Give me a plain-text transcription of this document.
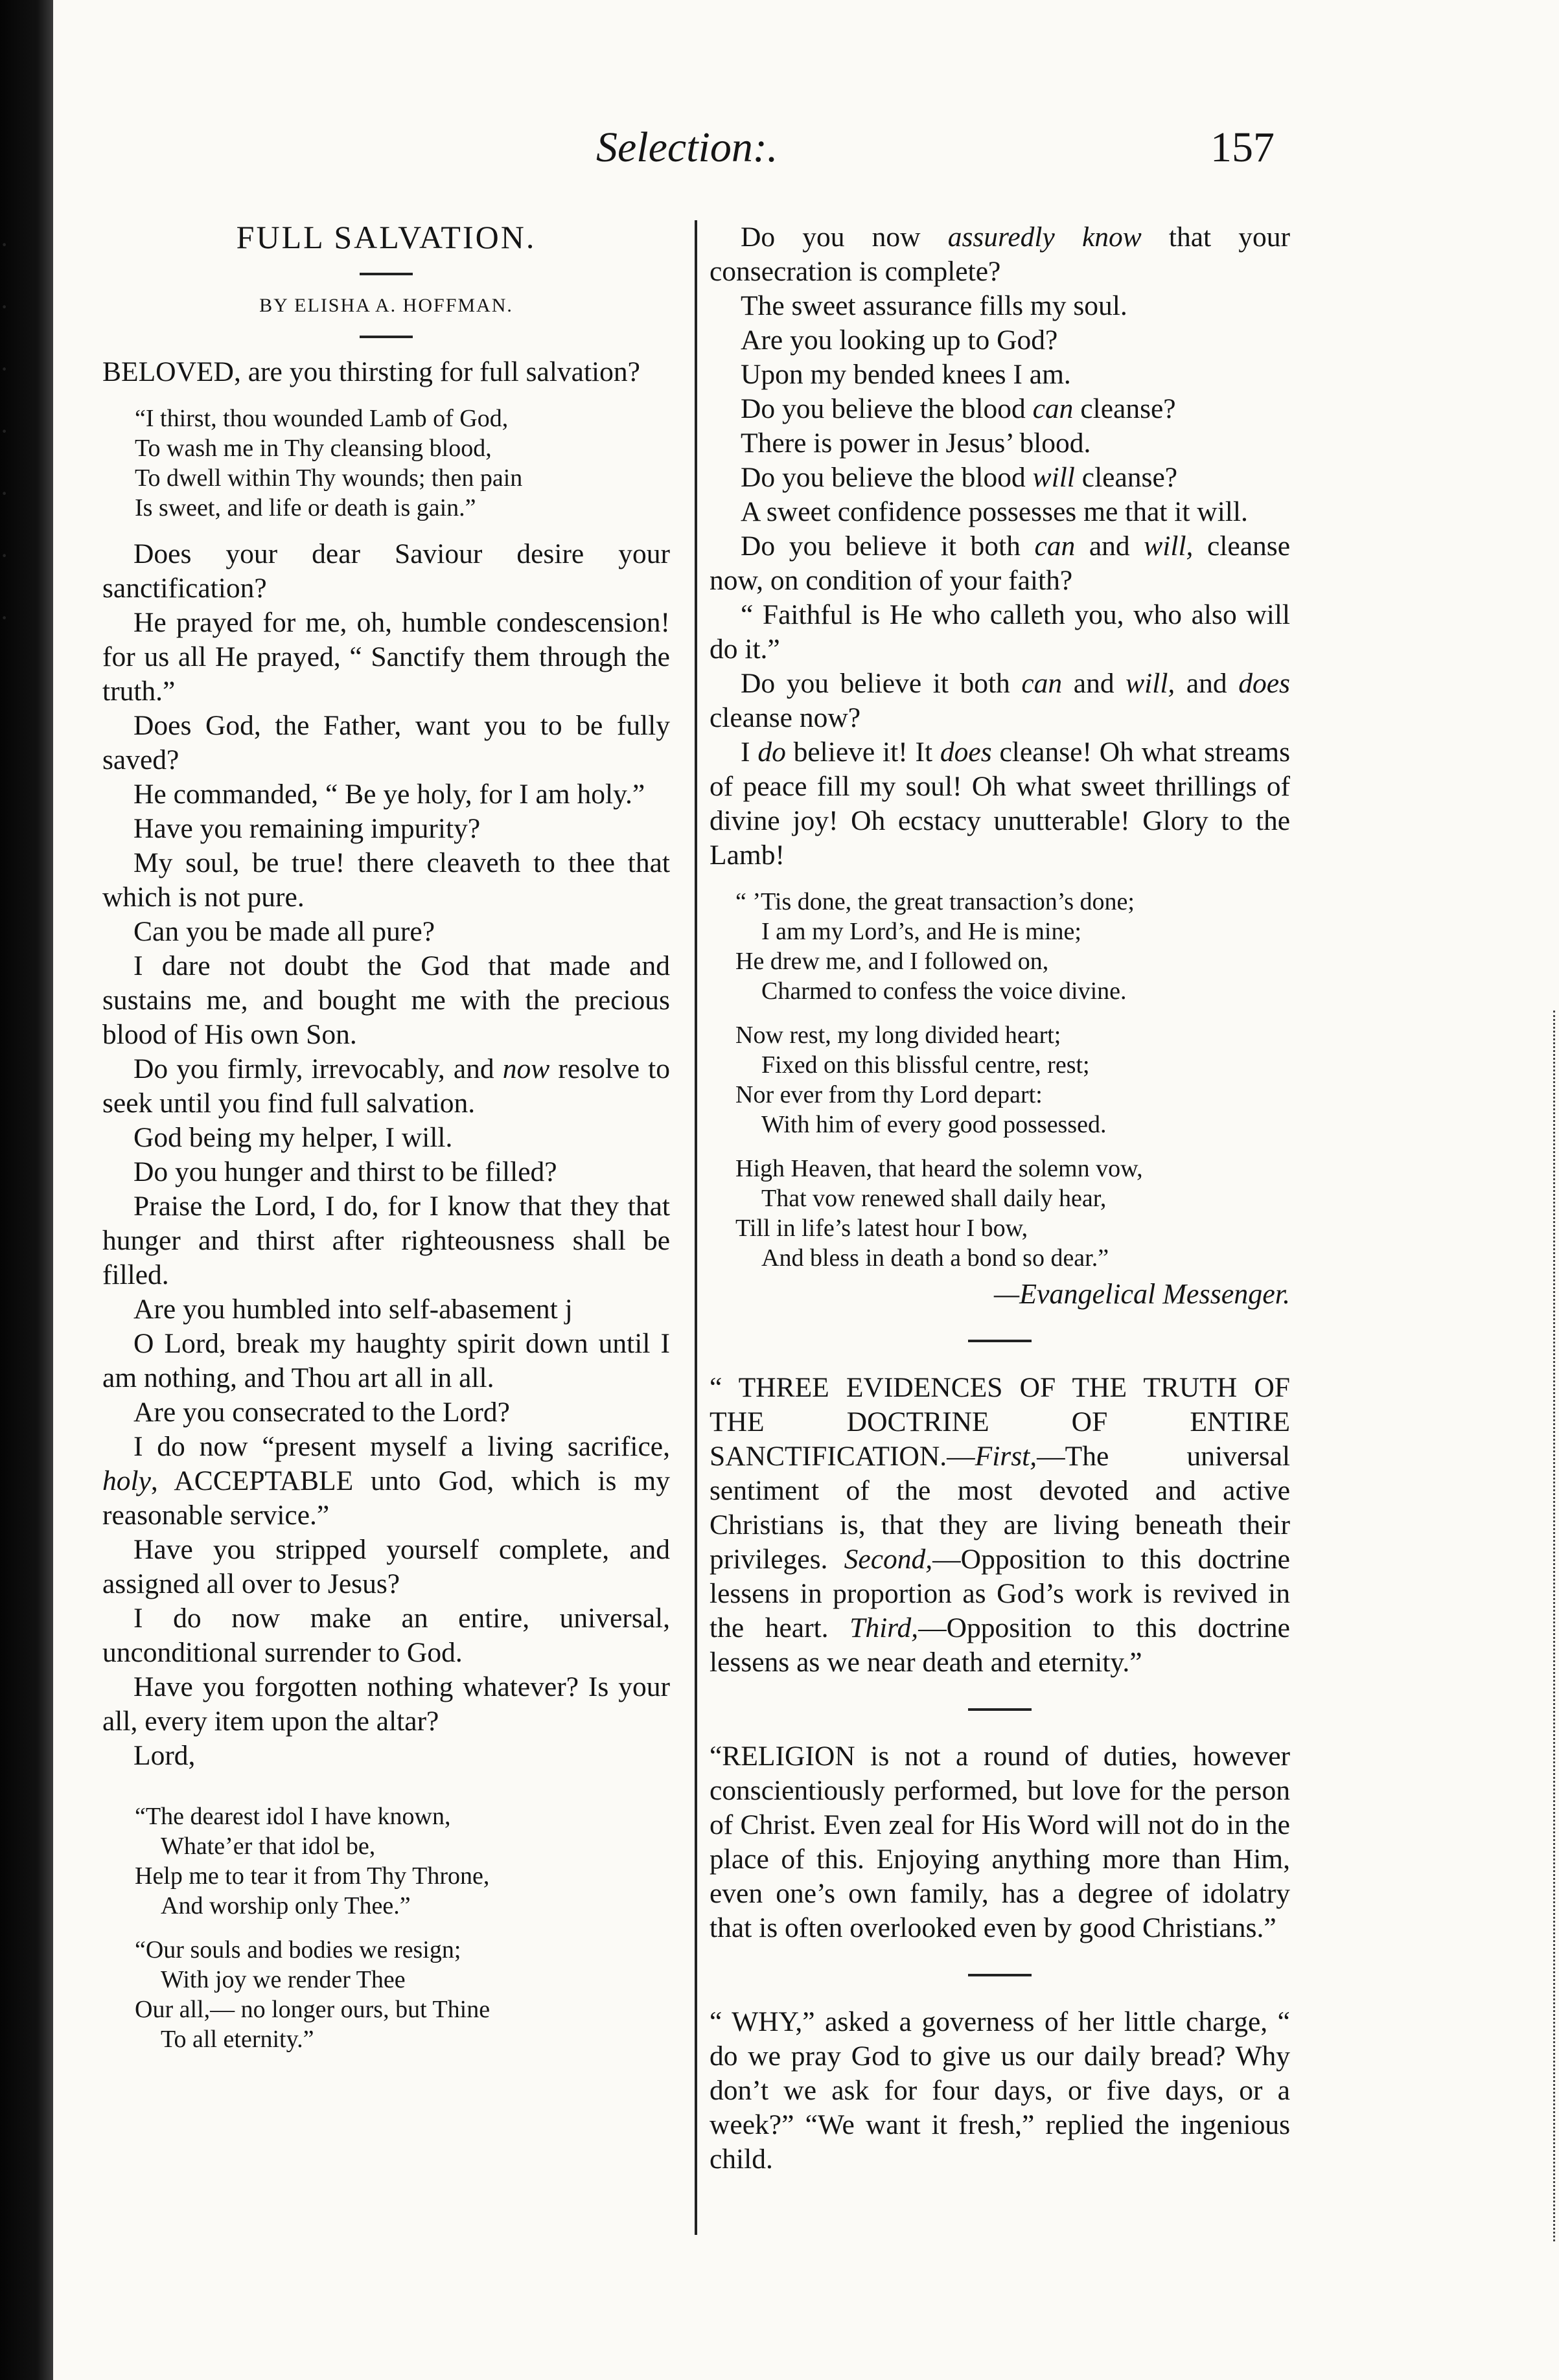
·
·
·
·
·
·
·
Selection:.	157
FULL SALVATION.
BY ELISHA A. HOFFMAN.

BELOVED, are you thirsting for full salvation?

“I thirst, thou wounded Lamb of God,
To wash me in Thy cleansing blood,
To dwell within Thy wounds; then pain
Is sweet, and life or death is gain.”

Does your dear Saviour desire your sanctification?

He prayed for me, oh, humble condescension! for us all He prayed, “ Sanctify them through the truth.”

Does God, the Father, want you to be fully saved?

He commanded, “ Be ye holy, for I am holy.”

Have you remaining impurity?

My soul, be true! there cleaveth to thee that which is not pure.

Can you be made all pure?

I dare not doubt the God that made and sustains me, and bought me with the precious blood of His own Son.

Do you firmly, irrevocably, and now resolve to seek until you find full salvation.

God being my helper, I will.

Do you hunger and thirst to be filled?

Praise the Lord, I do, for I know that they that hunger and thirst after righteousness shall be filled.

Are you humbled into self-abasement j

O Lord, break my haughty spirit down until I am nothing, and Thou art all in all.

Are you consecrated to the Lord?

I do now “present myself a living sacrifice, holy, ACCEPTABLE unto God, which is my reasonable service.”

Have you stripped yourself complete, and assigned all over to Jesus?

I do now make an entire, universal, unconditional surrender to God.

Have you forgotten nothing whatever? Is your all, every item upon the altar?

Lord,

“The dearest idol I have known,
Whate’er that idol be,
Help me to tear it from Thy Throne,
And worship only Thee.”
“Our souls and bodies we resign;
With joy we render Thee
Our all,— no longer ours, but Thine
To all eternity.”

Do you now assuredly know that your consecration is complete?

The sweet assurance fills my soul.

Are you looking up to God?

Upon my bended knees I am.

Do you believe the blood can cleanse?

There is power in Jesus’ blood.

Do you believe the blood will cleanse?

A sweet confidence possesses me that it will.

Do you believe it both can and will, cleanse now, on condition of your faith?

“ Faithful is He who calleth you, who also will do it.”

Do you believe it both can and will, and does cleanse now?

I do believe it! It does cleanse! Oh what streams of peace fill my soul! Oh what sweet thrillings of divine joy! Oh ecstacy unutterable! Glory to the Lamb!

“ ’Tis done, the great transaction’s done;
I am my Lord’s, and He is mine;
He drew me, and I followed on,
Charmed to confess the voice divine.
Now rest, my long divided heart;
Fixed on this blissful centre, rest;
Nor ever from thy Lord depart:
With him of every good possessed.
High Heaven, that heard the solemn vow,
That vow renewed shall daily hear,
Till in life’s latest hour I bow,
And bless in death a bond so dear.”
—Evangelical Messenger.

“ THREE EVIDENCES OF THE TRUTH OF THE DOCTRINE OF ENTIRE SANCTIFICATION.—First,—The universal sentiment of the most devoted and active Christians is, that they are living beneath their privileges. Second,—Opposition to this doctrine lessens in proportion as God’s work is revived in the heart. Third,—Opposition to this doctrine lessens as we near death and eternity.”

“RELIGION is not a round of duties, however conscientiously performed, but love for the person of Christ. Even zeal for His Word will not do in the place of this. Enjoying anything more than Him, even one’s own family, has a degree of idolatry that is often overlooked even by good Christians.”

“ WHY,” asked a governess of her little charge, “ do we pray God to give us our daily bread? Why don’t we ask for four days, or five days, or a week?” “We want it fresh,” replied the ingenious child.
